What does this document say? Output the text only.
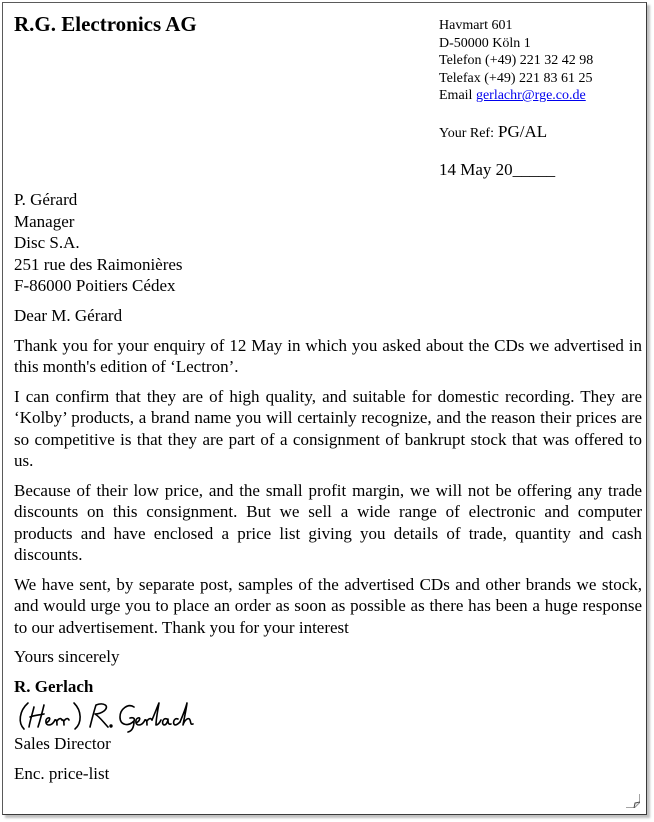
R.G. Electronics AG	Havmart 601
D-50000 Köln 1
Telefon (+49) 221 32 42 98
Telefax (+49) 221 83 61 25
Email gerlachr@rge.co.de
Your Ref: PG/AL
14 May 20_____
P. Gérard
Manager
Disc S.A.
251 rue des Raimonières
F-86000 Poitiers Cédex

Dear M. Gérard

Thank you for your enquiry of 12 May in which you asked about the CDs we advertised in this month's edition of ‘Lectron’.

I can confirm that they are of high quality, and suitable for domestic recording. They are ‘Kolby’ products, a brand name you will certainly recognize, and the reason their prices are so competitive is that they are part of a consignment of bankrupt stock that was offered to us.

Because of their low price, and the small profit margin, we will not be offering any trade discounts on this consignment. But we sell a wide range of electronic and computer products and have enclosed a price list giving you details of trade, quantity and cash discounts.

We have sent, by separate post, samples of the advertised CDs and other brands we stock, and would urge you to place an order as soon as possible as there has been a huge response to our advertisement. Thank you for your interest

Yours sincerely

R. Gerlach
Sales Director
Enc. price-list
